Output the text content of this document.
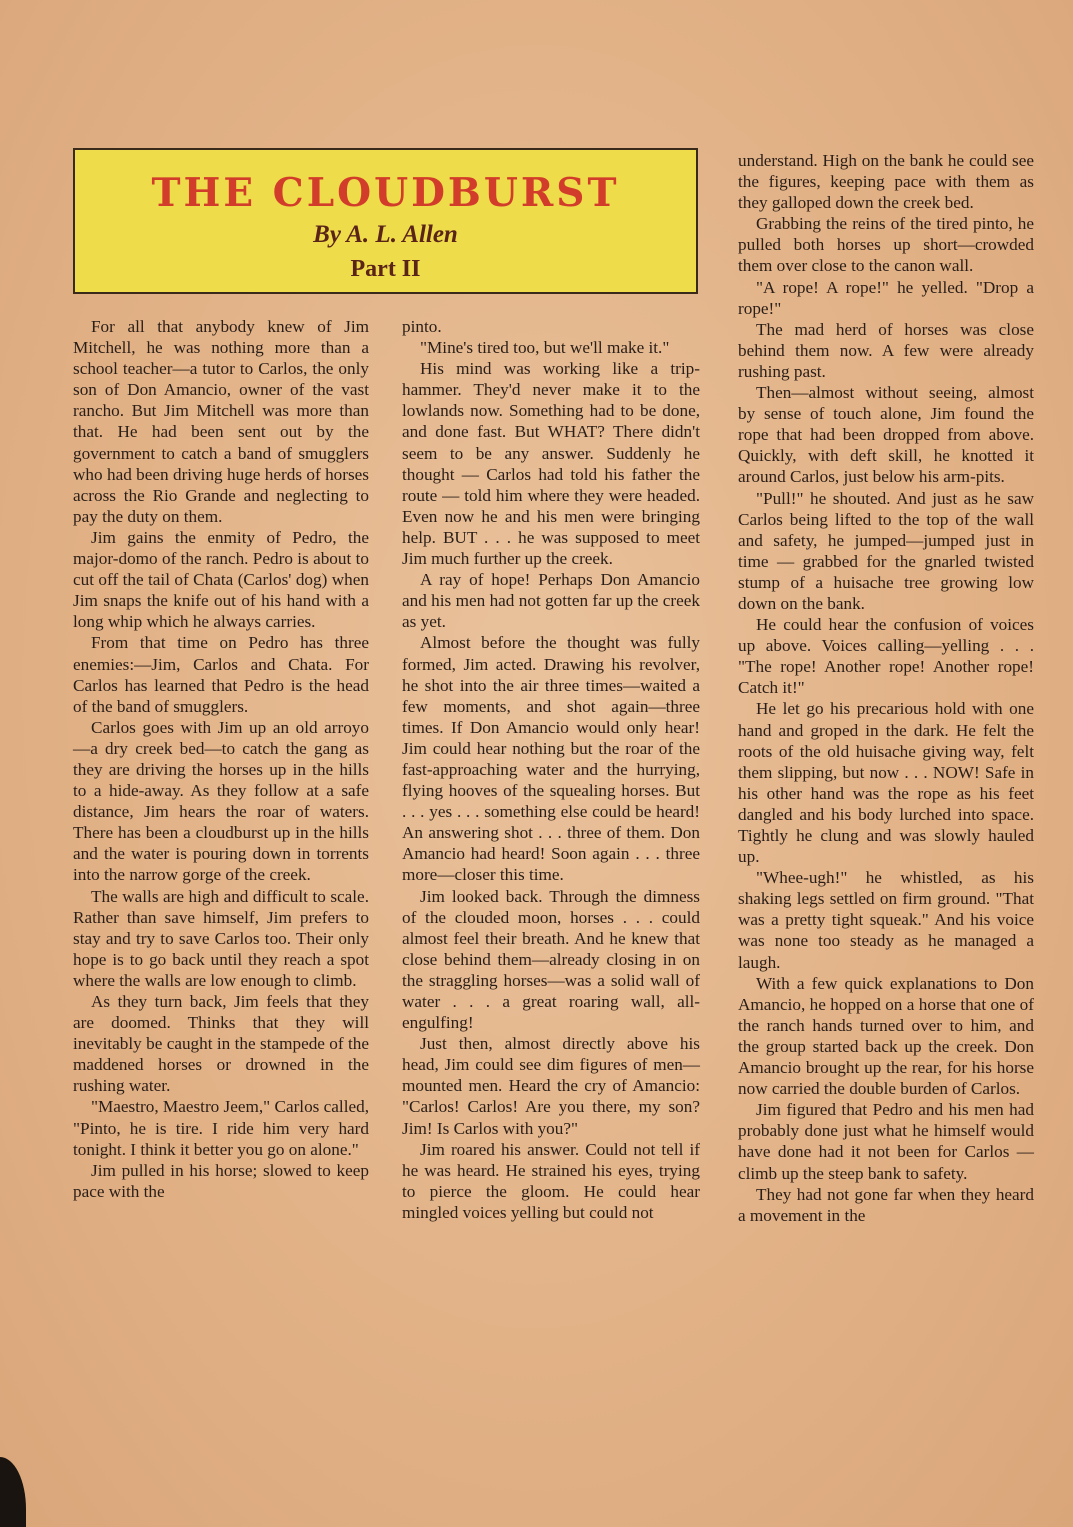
THE CLOUDBURST
By A. L. Allen
Part II

For all that anybody knew of Jim Mitchell, he was nothing more than a school teacher—a tutor to Carlos, the only son of Don Amancio, owner of the vast rancho. But Jim Mitchell was more than that. He had been sent out by the government to catch a band of smugglers who had been driving huge herds of horses across the Rio Grande and neglecting to pay the duty on them.

Jim gains the enmity of Pedro, the major-domo of the ranch. Pedro is about to cut off the tail of Chata (Carlos' dog) when Jim snaps the knife out of his hand with a long whip which he always carries.

From that time on Pedro has three enemies:—Jim, Carlos and Chata. For Carlos has learned that Pedro is the head of the band of smugglers.

Carlos goes with Jim up an old arroyo—a dry creek bed—to catch the gang as they are driving the horses up in the hills to a hide-away. As they follow at a safe distance, Jim hears the roar of waters. There has been a cloudburst up in the hills and the water is pouring down in torrents into the narrow gorge of the creek.

The walls are high and difficult to scale. Rather than save himself, Jim prefers to stay and try to save Carlos too. Their only hope is to go back until they reach a spot where the walls are low enough to climb.

As they turn back, Jim feels that they are doomed. Thinks that they will inevitably be caught in the stampede of the maddened horses or drowned in the rushing water.

"Maestro, Maestro Jeem," Carlos called, "Pinto, he is tire. I ride him very hard tonight. I think it better you go on alone."

Jim pulled in his horse; slowed to keep pace with the

pinto.

"Mine's tired too, but we'll make it."

His mind was working like a trip-hammer. They'd never make it to the lowlands now. Something had to be done, and done fast. But WHAT? There didn't seem to be any answer. Suddenly he thought — Carlos had told his father the route — told him where they were headed. Even now he and his men were bringing help. BUT . . . he was supposed to meet Jim much further up the creek.

A ray of hope! Perhaps Don Amancio and his men had not gotten far up the creek as yet.

Almost before the thought was fully formed, Jim acted. Drawing his revolver, he shot into the air three times—waited a few moments, and shot again—three times. If Don Amancio would only hear! Jim could hear nothing but the roar of the fast-approaching water and the hurrying, flying hooves of the squealing horses. But . . . yes . . . something else could be heard! An answering shot . . . three of them. Don Amancio had heard! Soon again . . . three more—closer this time.

Jim looked back. Through the dimness of the clouded moon, horses . . . could almost feel their breath. And he knew that close behind them—already closing in on the straggling horses—was a solid wall of water . . . a great roaring wall, all-engulfing!

Just then, almost directly above his head, Jim could see dim figures of men—mounted men. Heard the cry of Amancio: "Carlos! Carlos! Are you there, my son? Jim! Is Carlos with you?"

Jim roared his answer. Could not tell if he was heard. He strained his eyes, trying to pierce the gloom. He could hear mingled voices yelling but could not

understand. High on the bank he could see the figures, keeping pace with them as they galloped down the creek bed.

Grabbing the reins of the tired pinto, he pulled both horses up short—crowded them over close to the canon wall.

"A rope! A rope!" he yelled. "Drop a rope!"

The mad herd of horses was close behind them now. A few were already rushing past.

Then—almost without seeing, almost by sense of touch alone, Jim found the rope that had been dropped from above. Quickly, with deft skill, he knotted it around Carlos, just below his arm-pits.

"Pull!" he shouted. And just as he saw Carlos being lifted to the top of the wall and safety, he jumped—jumped just in time — grabbed for the gnarled twisted stump of a huisache tree growing low down on the bank.

He could hear the confusion of voices up above. Voices calling—yelling . . . "The rope! Another rope! Another rope! Catch it!"

He let go his precarious hold with one hand and groped in the dark. He felt the roots of the old huisache giving way, felt them slipping, but now . . . NOW! Safe in his other hand was the rope as his feet dangled and his body lurched into space. Tightly he clung and was slowly hauled up.

"Whee-ugh!" he whistled, as his shaking legs settled on firm ground. "That was a pretty tight squeak." And his voice was none too steady as he managed a laugh.

With a few quick explanations to Don Amancio, he hopped on a horse that one of the ranch hands turned over to him, and the group started back up the creek. Don Amancio brought up the rear, for his horse now carried the double burden of Carlos.

Jim figured that Pedro and his men had probably done just what he himself would have done had it not been for Carlos — climb up the steep bank to safety.

They had not gone far when they heard a movement in the
